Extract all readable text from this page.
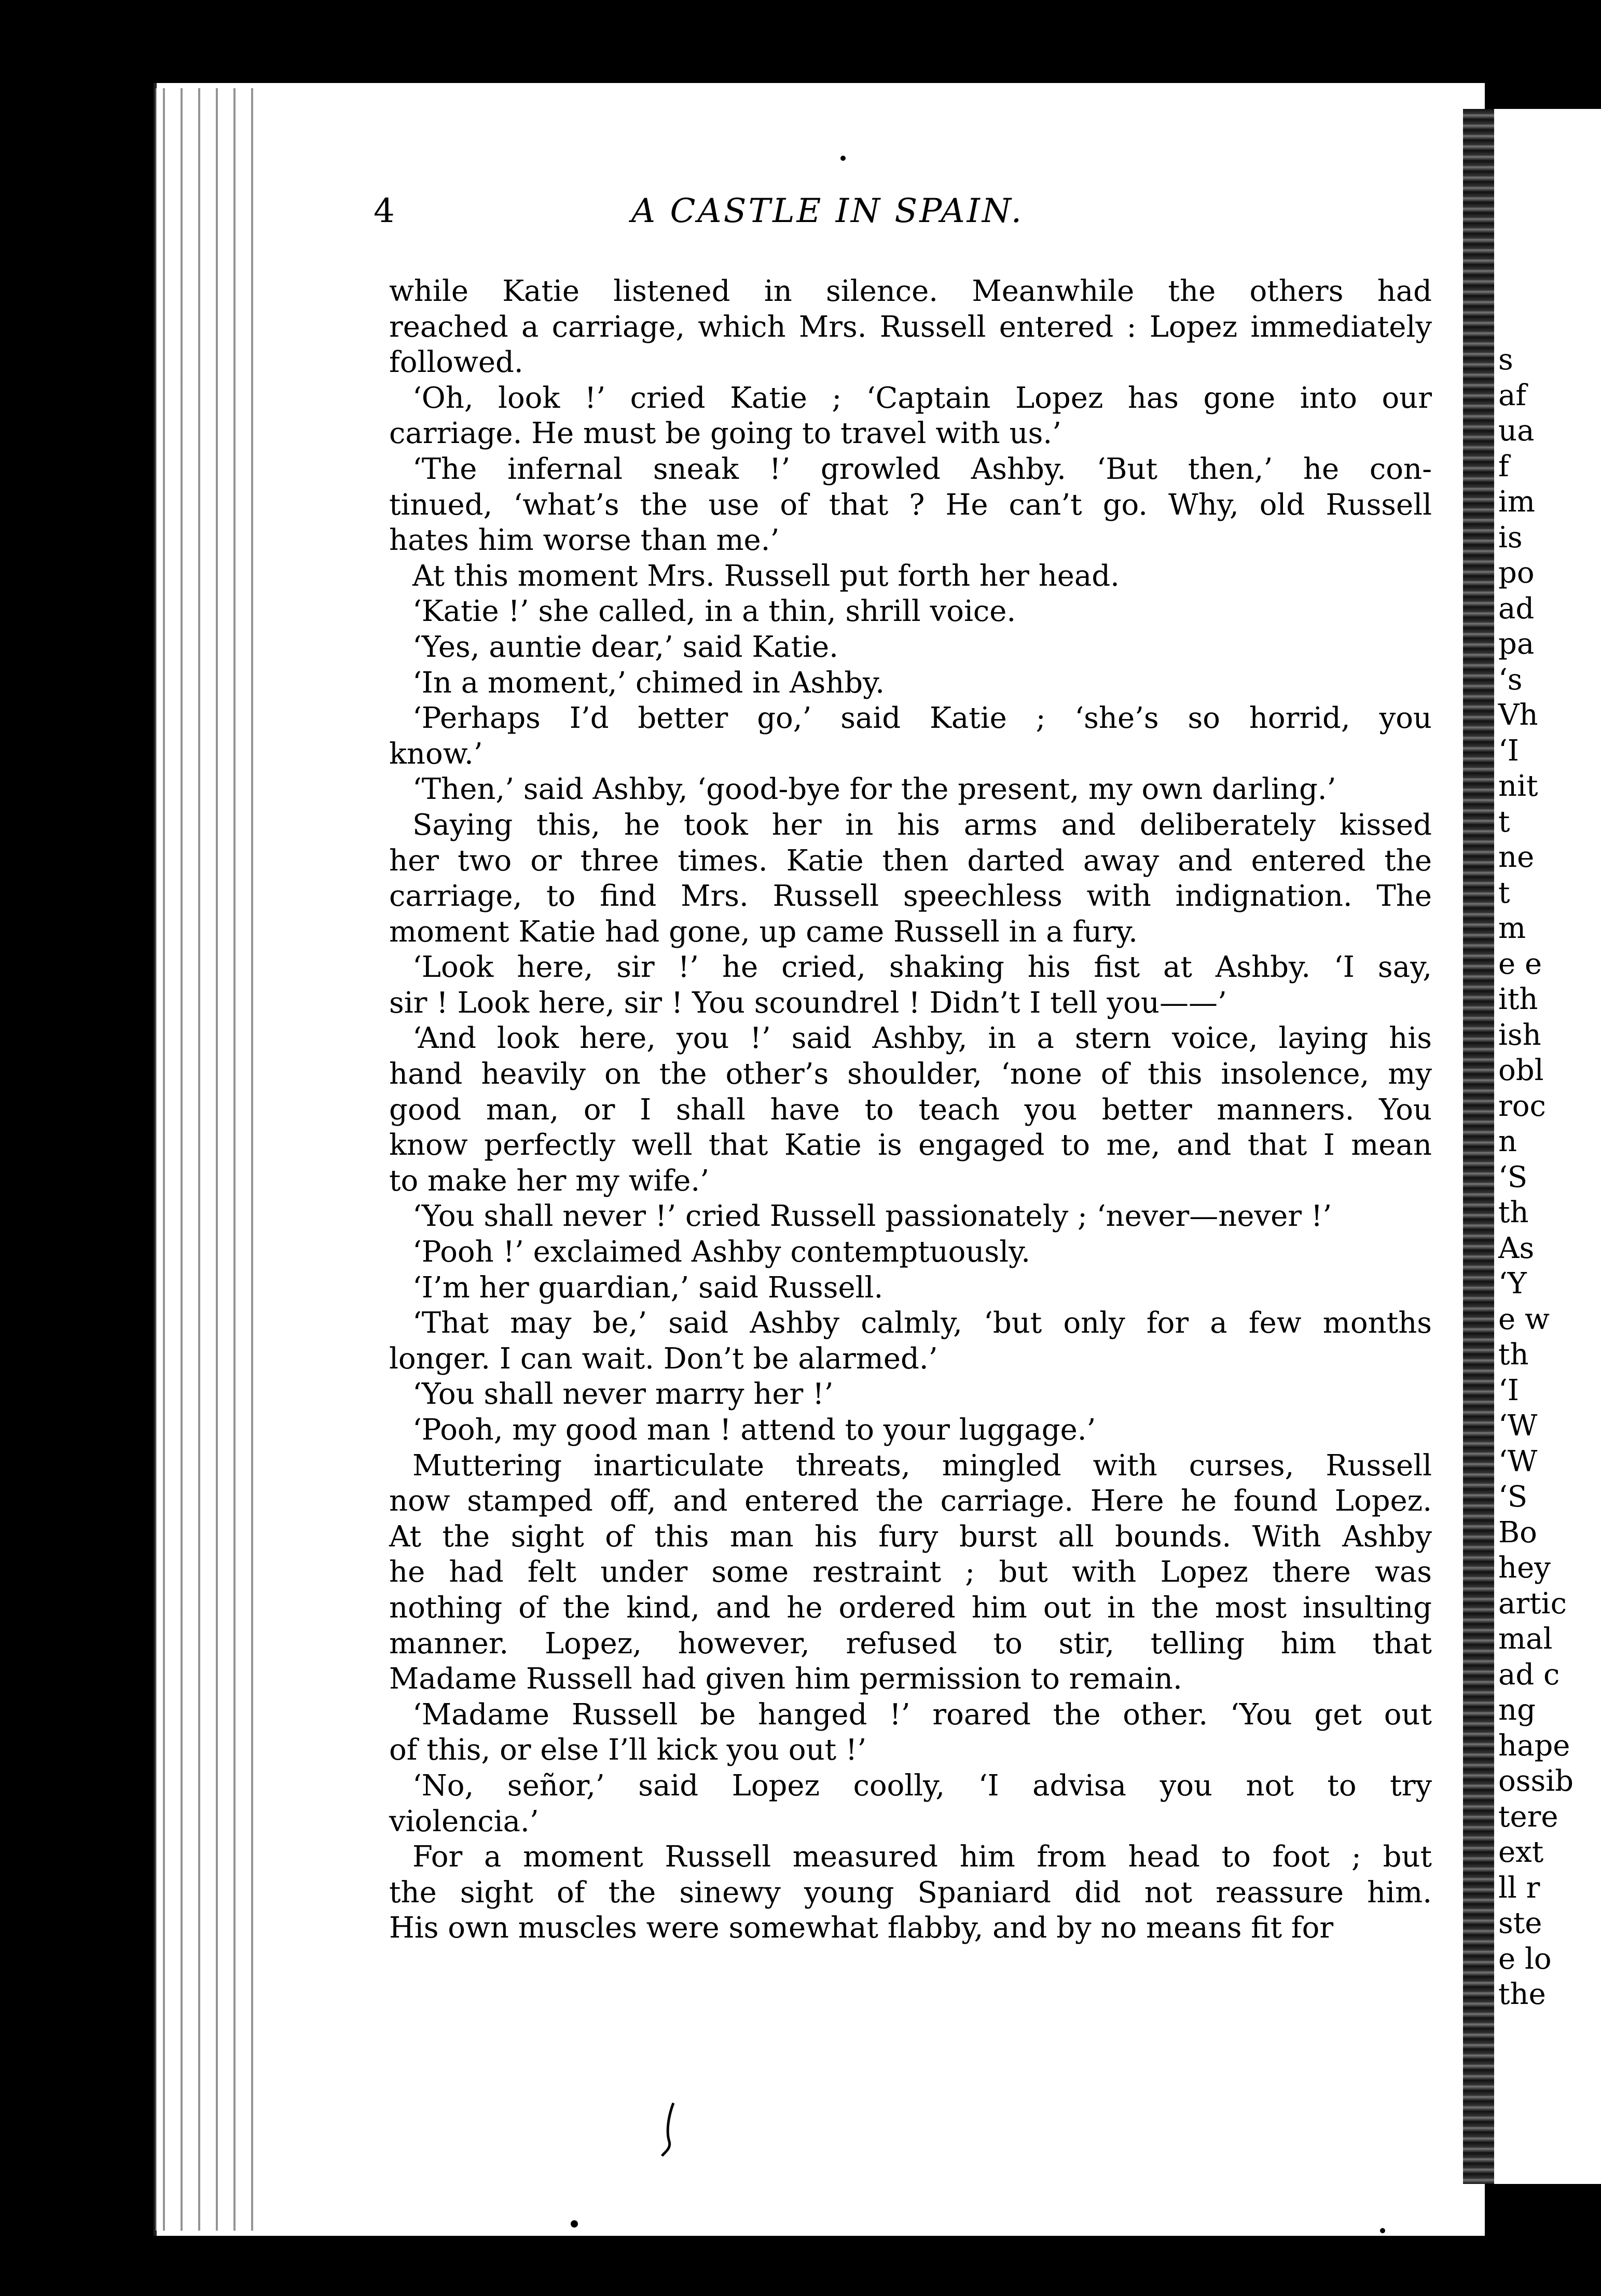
s
af
ua
f
im
is
po
ad
pa
‘s
Vh
‘I
nit
t
ne
t
m
e e
ith
ish
obl
roc
n
‘S
th
As
‘Y
e w
th
‘I
‘W
‘W
‘S
Bo
hey
artic
mal
ad c
ng
hape
ossib
tere
ext
ll r
ste
e lo
the
4	A CASTLE IN SPAIN.
while Katie listened in silence. Meanwhile the others had
reached a carriage, which Mrs. Russell entered : Lopez immediately
followed.
‘Oh, look !’ cried Katie ; ‘Captain Lopez has gone into our
carriage. He must be going to travel with us.’
‘The infernal sneak !’ growled Ashby. ‘But then,’ he con-
tinued, ‘what’s the use of that ? He can’t go. Why, old Russell
hates him worse than me.’
At this moment Mrs. Russell put forth her head.
‘Katie !’ she called, in a thin, shrill voice.
‘Yes, auntie dear,’ said Katie.
‘In a moment,’ chimed in Ashby.
‘Perhaps I’d better go,’ said Katie ; ‘she’s so horrid, you
know.’
‘Then,’ said Ashby, ‘good-bye for the present, my own darling.’
Saying this, he took her in his arms and deliberately kissed
her two or three times. Katie then darted away and entered the
carriage, to find Mrs. Russell speechless with indignation. The
moment Katie had gone, up came Russell in a fury.
‘Look here, sir !’ he cried, shaking his fist at Ashby. ‘I say,
sir ! Look here, sir ! You scoundrel ! Didn’t I tell you——’
‘And look here, you !’ said Ashby, in a stern voice, laying his
hand heavily on the other’s shoulder, ‘none of this insolence, my
good man, or I shall have to teach you better manners. You
know perfectly well that Katie is engaged to me, and that I mean
to make her my wife.’
‘You shall never !’ cried Russell passionately ; ‘never—never !’
‘Pooh !’ exclaimed Ashby contemptuously.
‘I’m her guardian,’ said Russell.
‘That may be,’ said Ashby calmly, ‘but only for a few months
longer. I can wait. Don’t be alarmed.’
‘You shall never marry her !’
‘Pooh, my good man ! attend to your luggage.’
Muttering inarticulate threats, mingled with curses, Russell
now stamped off, and entered the carriage. Here he found Lopez.
At the sight of this man his fury burst all bounds. With Ashby
he had felt under some restraint ; but with Lopez there was
nothing of the kind, and he ordered him out in the most insulting
manner. Lopez, however, refused to stir, telling him that
Madame Russell had given him permission to remain.
‘Madame Russell be hanged !’ roared the other. ‘You get out
of this, or else I’ll kick you out !’
‘No, señor,’ said Lopez coolly, ‘I advisa you not to try
violencia.’
For a moment Russell measured him from head to foot ; but
the sight of the sinewy young Spaniard did not reassure him.
His own muscles were somewhat flabby, and by no means fit for
